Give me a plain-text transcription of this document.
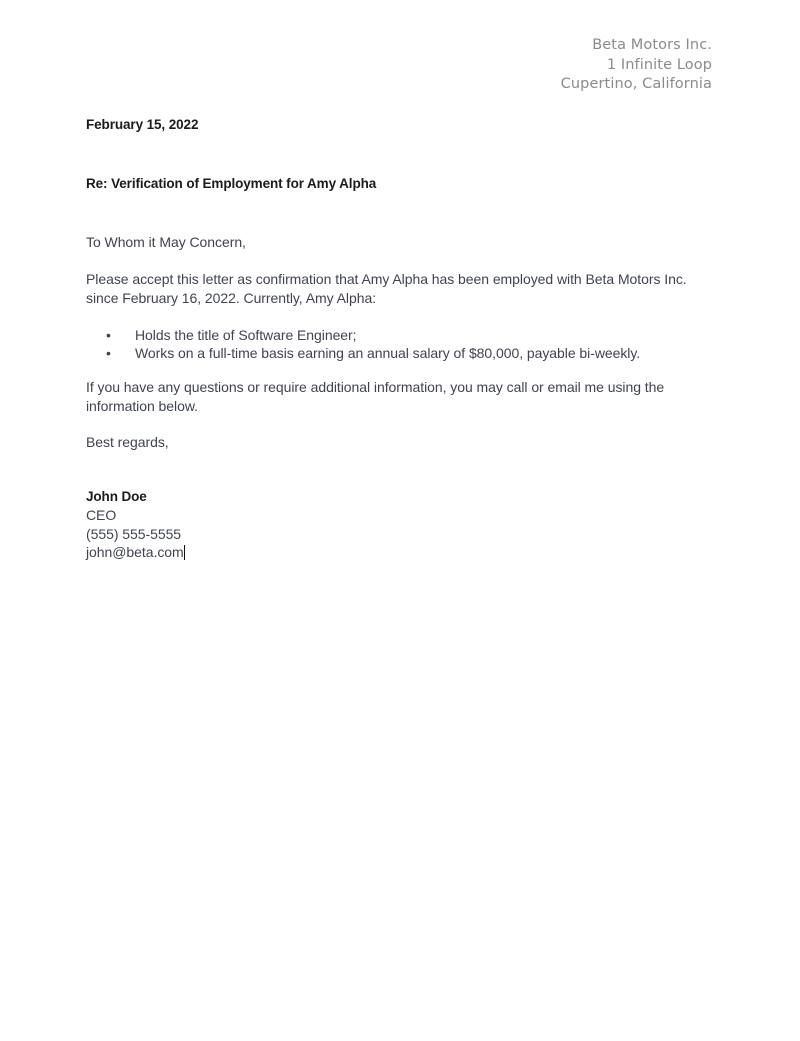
Beta Motors Inc.
1 Infinite Loop
Cupertino, California
February 15, 2022
Re: Verification of Employment for Amy Alpha
To Whom it May Concern,
Please accept this letter as confirmation that Amy Alpha has been employed with Beta Motors Inc. since February 16, 2022. Currently, Amy Alpha:
• Holds the title of Software Engineer;
• Works on a full-time basis earning an annual salary of $80,000, payable bi-weekly.
If you have any questions or require additional information, you may call or email me using the information below.
Best regards,
John Doe
CEO
(555) 555-5555
john@beta.com
